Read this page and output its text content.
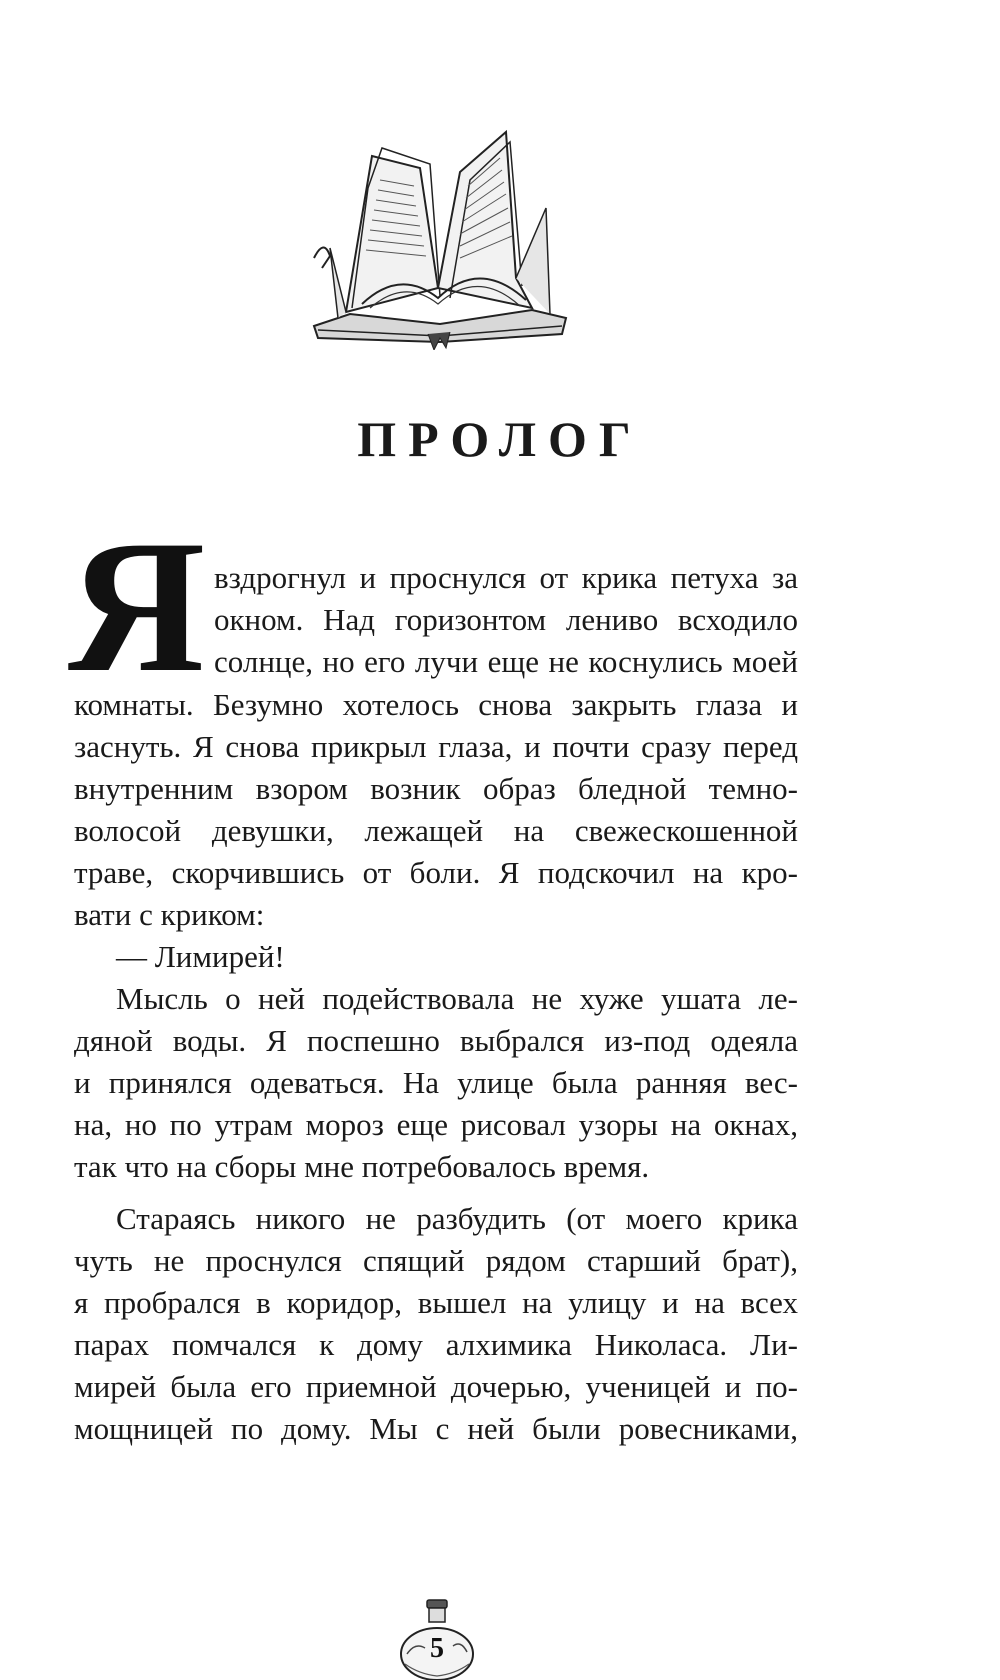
ПРОЛОГ
Я вздрогнул и проснулся от крика петуха за
окном. Над горизонтом лениво всходило
солнце, но его лучи еще не коснулись моей
комнаты. Безумно хотелось снова закрыть глаза и
заснуть. Я снова прикрыл глаза, и почти сразу перед
внутренним взором возник образ бледной темно-
волосой девушки, лежащей на свежескошенной
траве, скорчившись от боли. Я подскочил на кро-
вати с криком:
— Лимирей!
Мысль о ней подействовала не хуже ушата ле-
дяной воды. Я поспешно выбрался из-под одеяла
и принялся одеваться. На улице была ранняя вес-
на, но по утрам мороз еще рисовал узоры на окнах,
так что на сборы мне потребовалось время.
Стараясь никого не разбудить (от моего крика
чуть не проснулся спящий рядом старший брат),
я пробрался в коридор, вышел на улицу и на всех
парах помчался к дому алхимика Николаса. Ли-
мирей была его приемной дочерью, ученицей и по-
мощницей по дому. Мы с ней были ровесниками,
5
